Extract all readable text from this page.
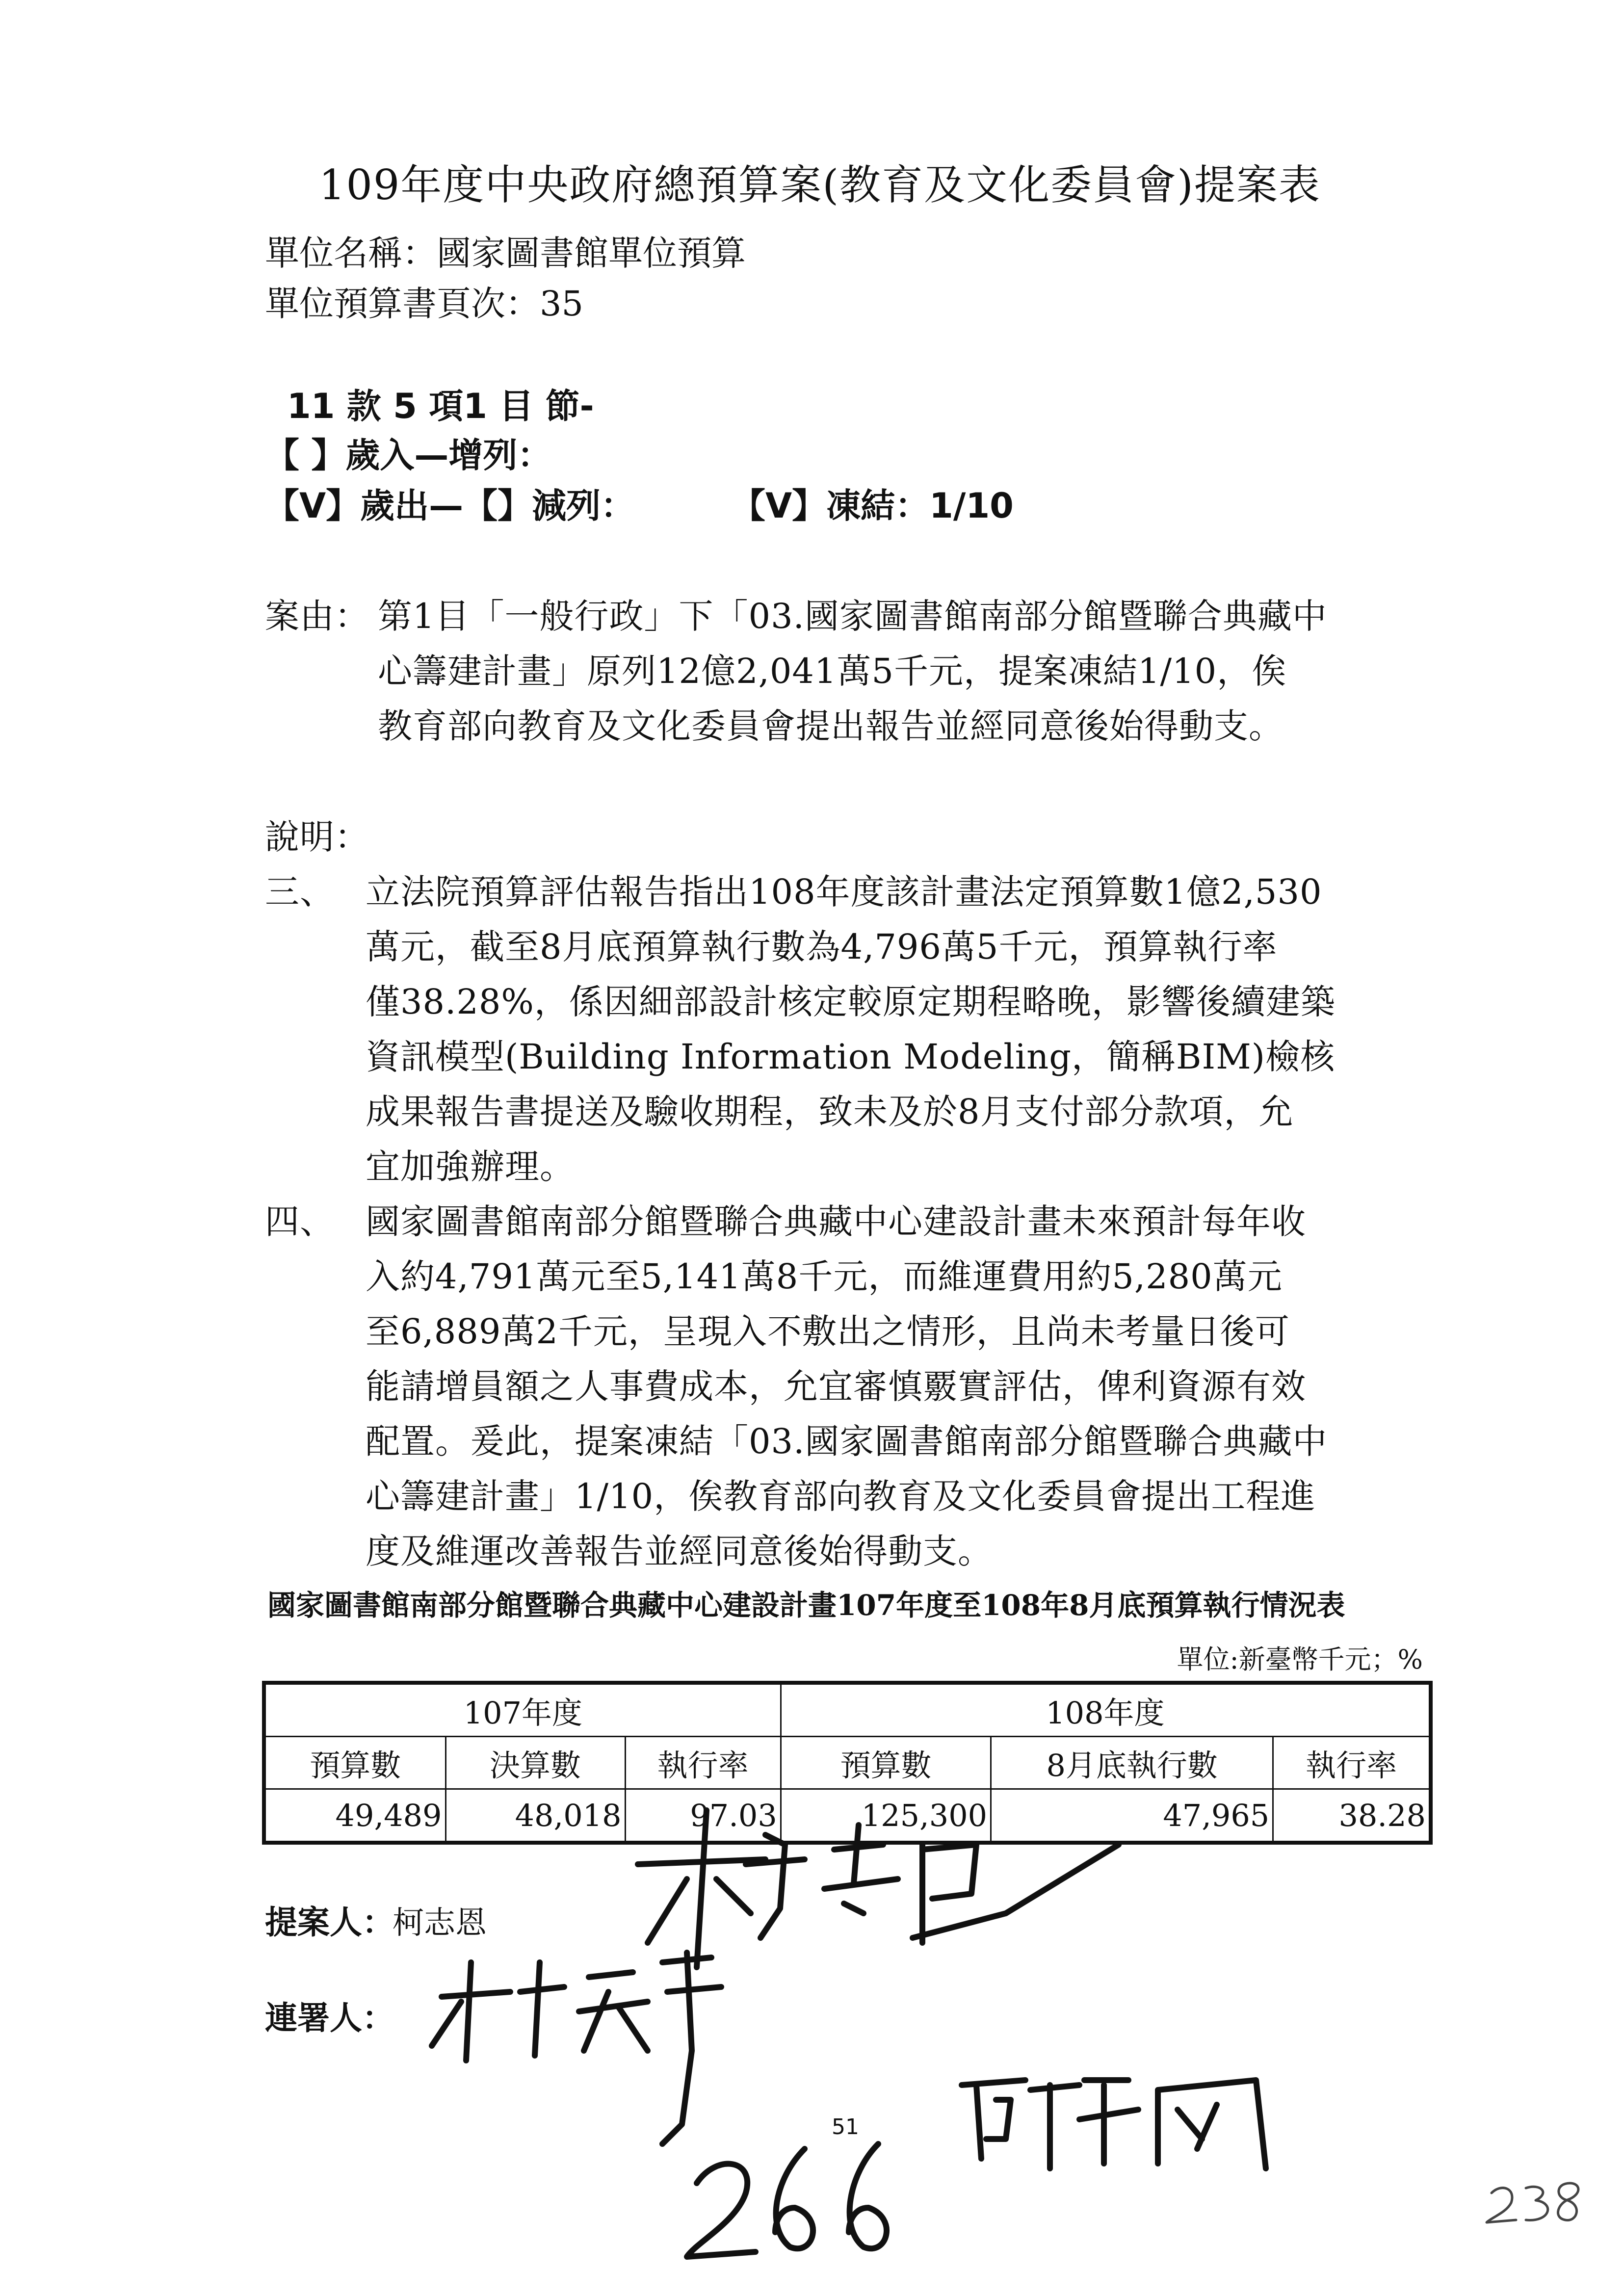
109年度中央政府總預算案(教育及文化委員會)提案表
單位名稱：國家圖書館單位預算
單位預算書頁次：35
11 款 5 項1 目 節-
【 】歲入—增列：
【V】歲出—【】減列：	【V】凍結：1/10
案由： 第1目「一般行政」下「03.國家圖書館南部分館暨聯合典藏中
心籌建計畫」原列12億2,041萬5千元，提案凍結1/10，俟
教育部向教育及文化委員會提出報告並經同意後始得動支。
說明：
三、 立法院預算評估報告指出108年度該計畫法定預算數1億2,530
萬元，截至8月底預算執行數為4,796萬5千元，預算執行率
僅38.28%，係因細部設計核定較原定期程略晚，影響後續建築
資訊模型(Building Information Modeling，簡稱BIM)檢核
成果報告書提送及驗收期程，致未及於8月支付部分款項，允
宜加強辦理。
四、 國家圖書館南部分館暨聯合典藏中心建設計畫未來預計每年收
入約4,791萬元至5,141萬8千元，而維運費用約5,280萬元
至6,889萬2千元，呈現入不敷出之情形，且尚未考量日後可
能請增員額之人事費成本，允宜審慎覈實評估，俾利資源有效
配置。爰此，提案凍結「03.國家圖書館南部分館暨聯合典藏中
心籌建計畫」1/10，俟教育部向教育及文化委員會提出工程進
度及維運改善報告並經同意後始得動支。
國家圖書館南部分館暨聯合典藏中心建設計畫107年度至108年8月底預算執行情況表
單位:新臺幣千元；%
107年度			108年度		
預算數	決算數	執行率	預算數	8月底執行數	執行率
49,489	48,018	97.03	125,300	47,965	38.28
提案人：
柯志恩
連署人：
51
